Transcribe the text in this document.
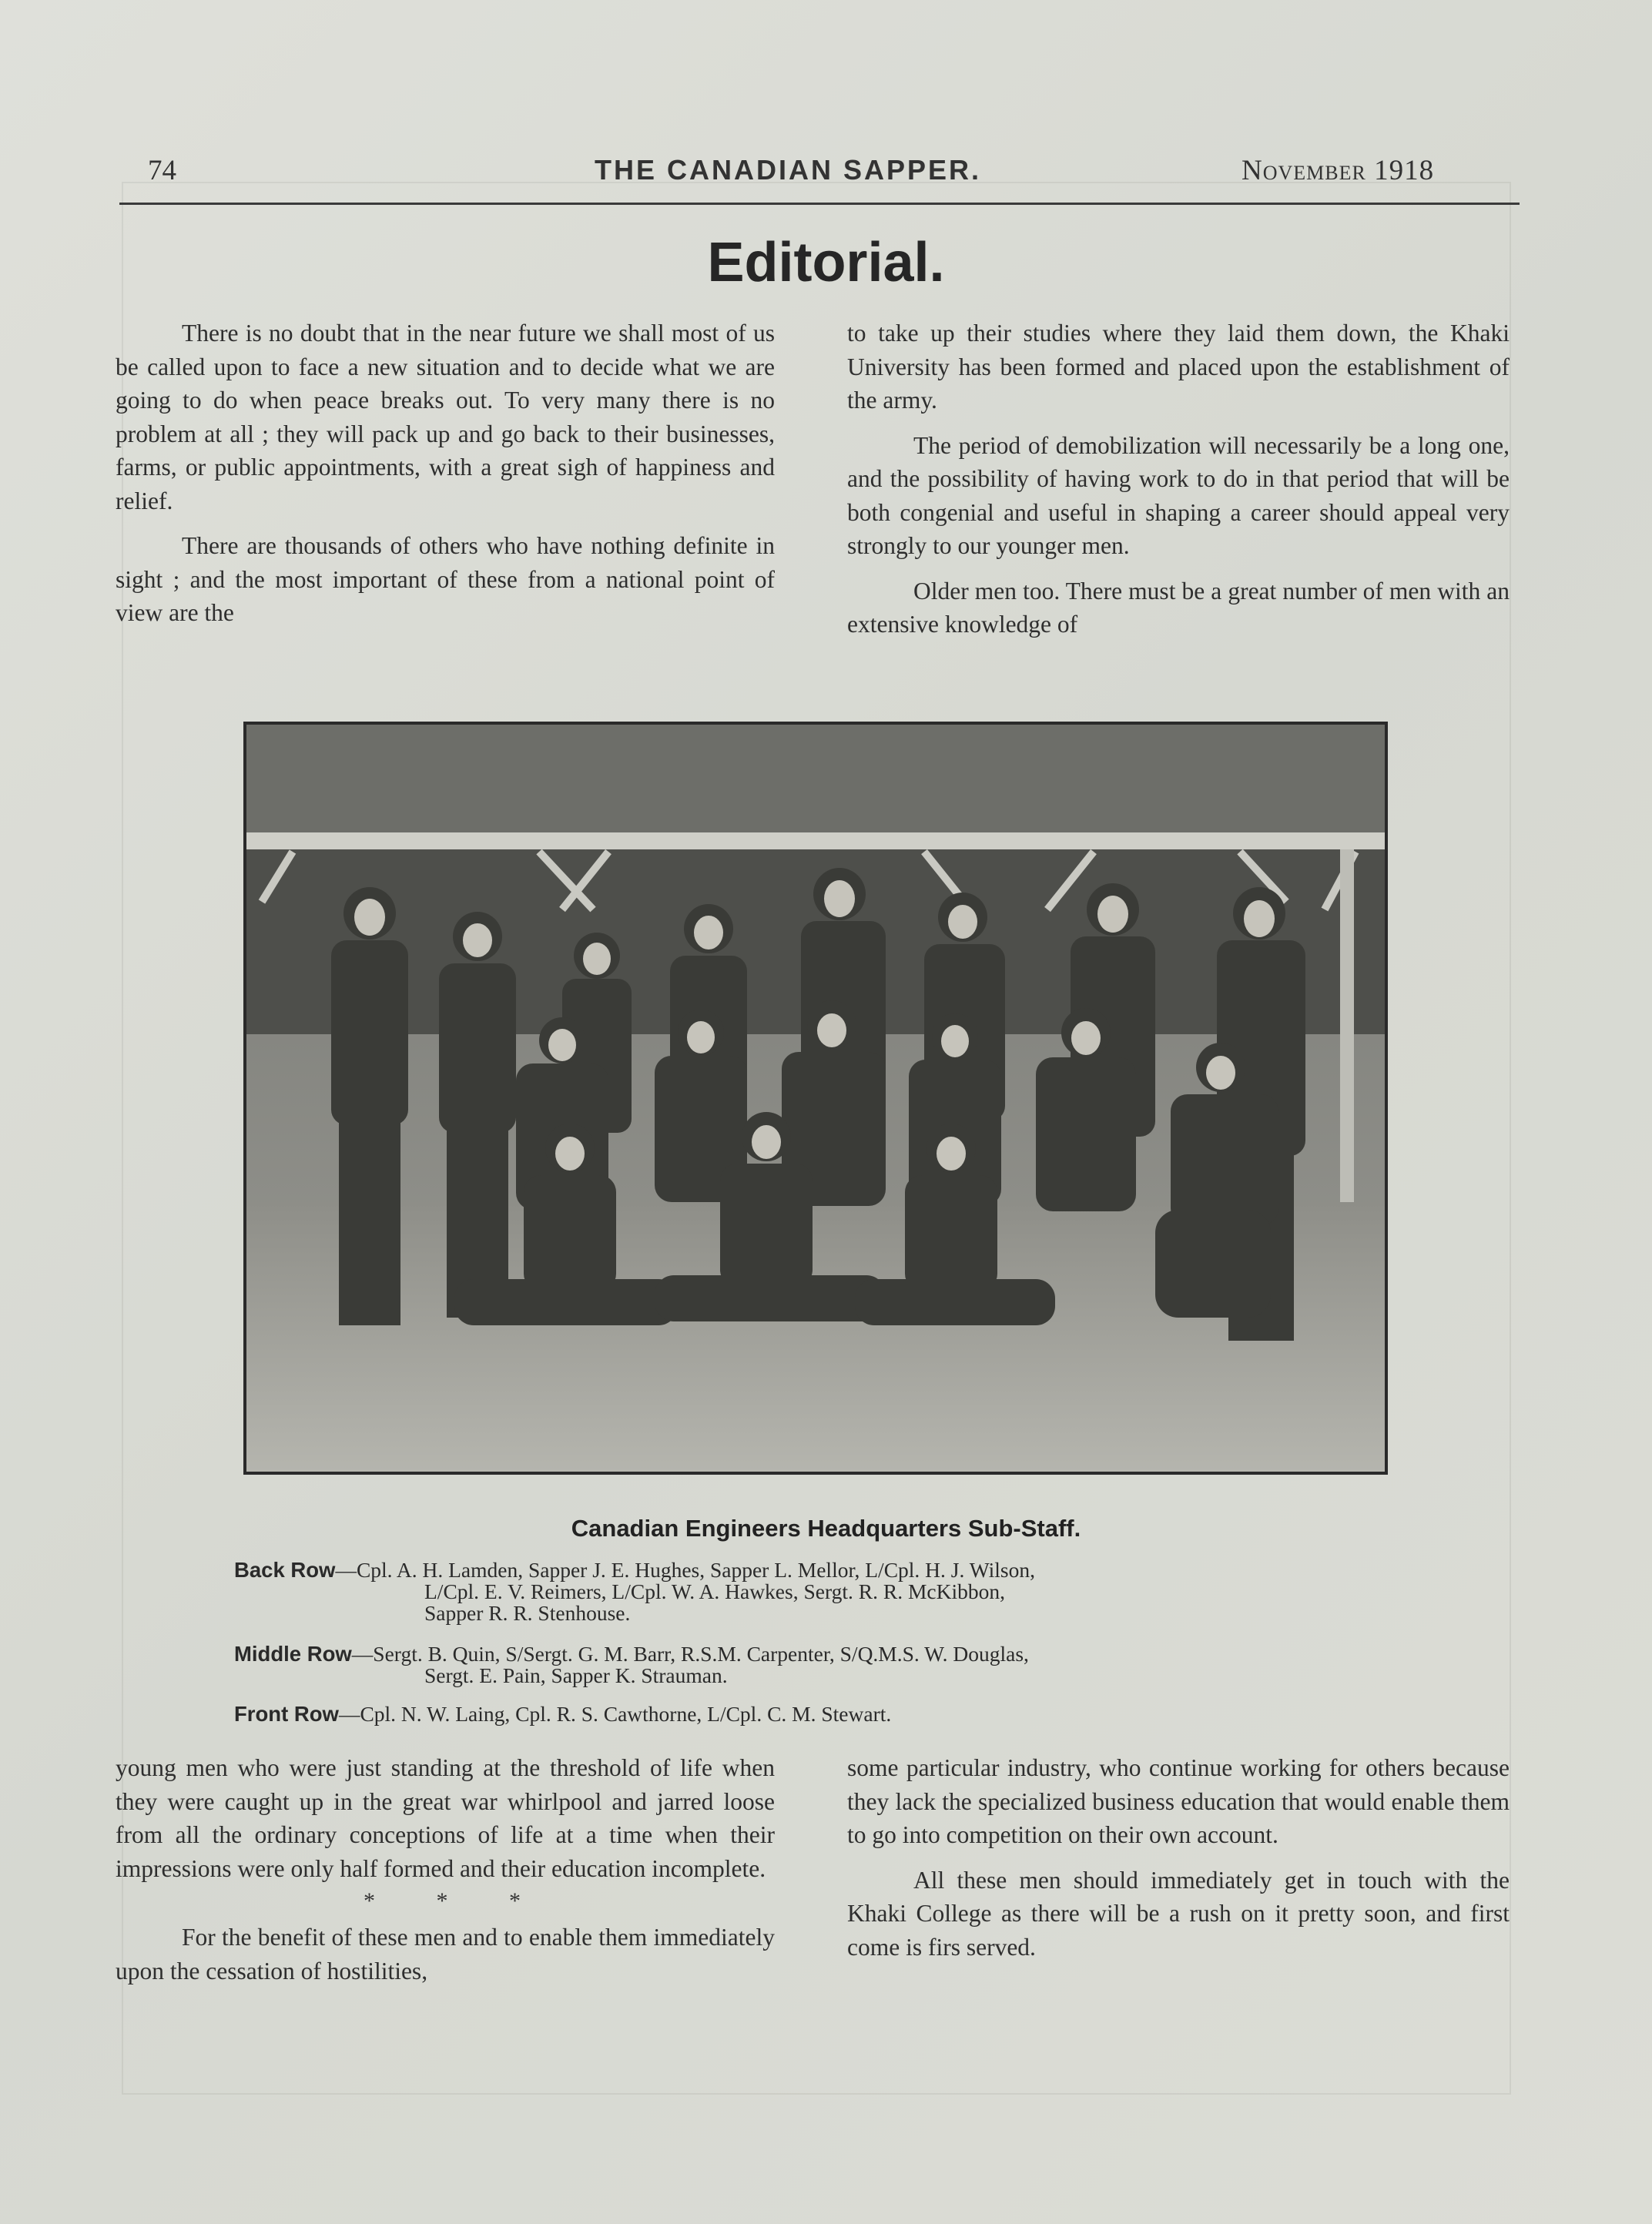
74	THE CANADIAN SAPPER.	November 1918
Editorial.

There is no doubt that in the near future we shall most of us be called upon to face a new situation and to decide what we are going to do when peace breaks out. To very many there is no problem at all ; they will pack up and go back to their businesses, farms, or public appointments, with a great sigh of happiness and relief.

There are thousands of others who have nothing definite in sight ; and the most important of these from a national point of view are the

to take up their studies where they laid them down, the Khaki University has been formed and placed upon the establishment of the army.

The period of demobilization will necessarily be a long one, and the possibility of having work to do in that period that will be both congenial and useful in shaping a career should appeal very strongly to our younger men.

Older men too. There must be a great number of men with an extensive knowledge of

Canadian Engineers Headquarters Sub-Staff.
Back Row—Cpl. A. H. Lamden, Sapper J. E. Hughes, Sapper L. Mellor, L/Cpl. H. J. Wilson,
L/Cpl. E. V. Reimers, L/Cpl. W. A. Hawkes, Sergt. R. R. McKibbon,
Sapper R. R. Stenhouse.
Middle Row—Sergt. B. Quin, S/Sergt. G. M. Barr, R.S.M. Carpenter, S/Q.M.S. W. Douglas,
Sergt. E. Pain, Sapper K. Strauman.
Front Row—Cpl. N. W. Laing, Cpl. R. S. Cawthorne, L/Cpl. C. M. Stewart.

young men who were just standing at the threshold of life when they were caught up in the great war whirlpool and jarred loose from all the ordinary conceptions of life at a time when their impressions were only half formed and their education incomplete.

* * *

For the benefit of these men and to enable them immediately upon the cessation of hostilities,

some particular industry, who continue working for others because they lack the specialized business education that would enable them to go into competition on their own account.

All these men should immediately get in touch with the Khaki College as there will be a rush on it pretty soon, and first come is firs served.
